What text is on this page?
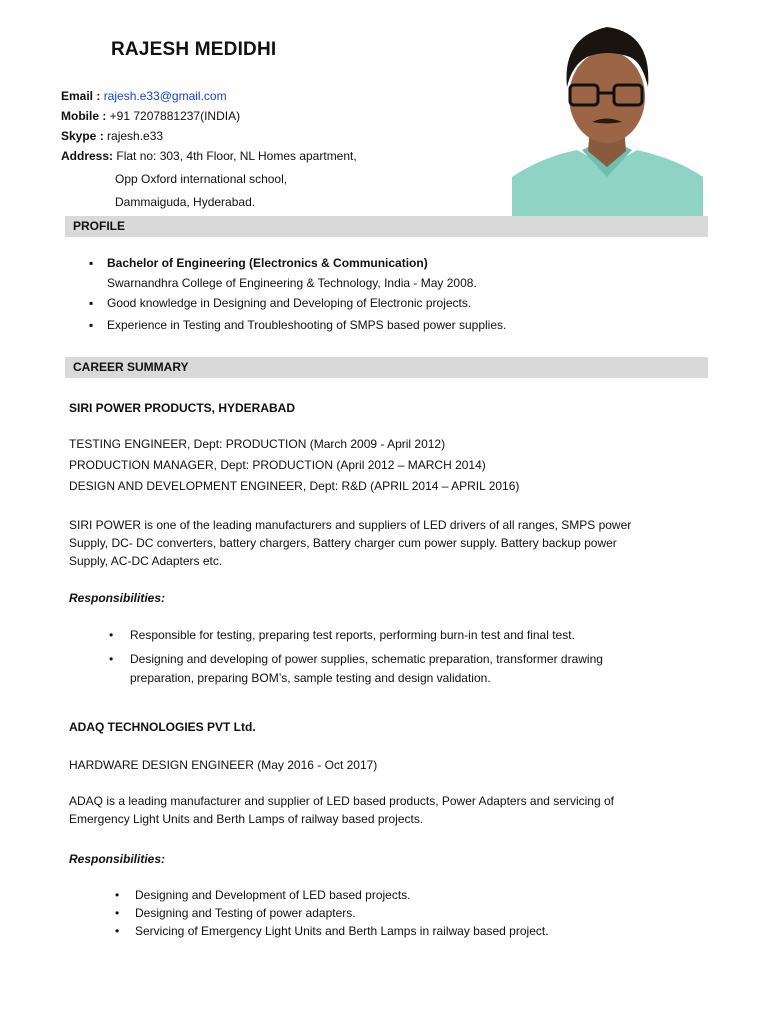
RAJESH MEDIDHI
Email : rajesh.e33@gmail.com
Mobile : +91 7207881237(INDIA)
Skype : rajesh.e33
Address: Flat no: 303, 4th Floor, NL Homes apartment,
Opp Oxford international school,
Dammaiguda, Hyderabad.
PROFILE
▪ Bachelor of Engineering (Electronics & Communication)
Swarnandhra College of Engineering & Technology, India - May 2008.
▪ Good knowledge in Designing and Developing of Electronic projects.
▪ Experience in Testing and Troubleshooting of SMPS based power supplies.
CAREER SUMMARY
SIRI POWER PRODUCTS, HYDERABAD
TESTING ENGINEER, Dept: PRODUCTION (March 2009 - April 2012)
PRODUCTION MANAGER, Dept: PRODUCTION (April 2012 – MARCH 2014)
DESIGN AND DEVELOPMENT ENGINEER, Dept: R&D (APRIL 2014 – APRIL 2016)
SIRI POWER is one of the leading manufacturers and suppliers of LED drivers of all ranges, SMPS power
Supply, DC- DC converters, battery chargers, Battery charger cum power supply. Battery backup power
Supply, AC-DC Adapters etc.
Responsibilities:
• Responsible for testing, preparing test reports, performing burn-in test and final test.
• Designing and developing of power supplies, schematic preparation, transformer drawing
preparation, preparing BOM’s, sample testing and design validation.
ADAQ TECHNOLOGIES PVT Ltd.
HARDWARE DESIGN ENGINEER (May 2016 - Oct 2017)
ADAQ is a leading manufacturer and supplier of LED based products, Power Adapters and servicing of
Emergency Light Units and Berth Lamps of railway based projects.
Responsibilities:
• Designing and Development of LED based projects.
• Designing and Testing of power adapters.
• Servicing of Emergency Light Units and Berth Lamps in railway based project.
